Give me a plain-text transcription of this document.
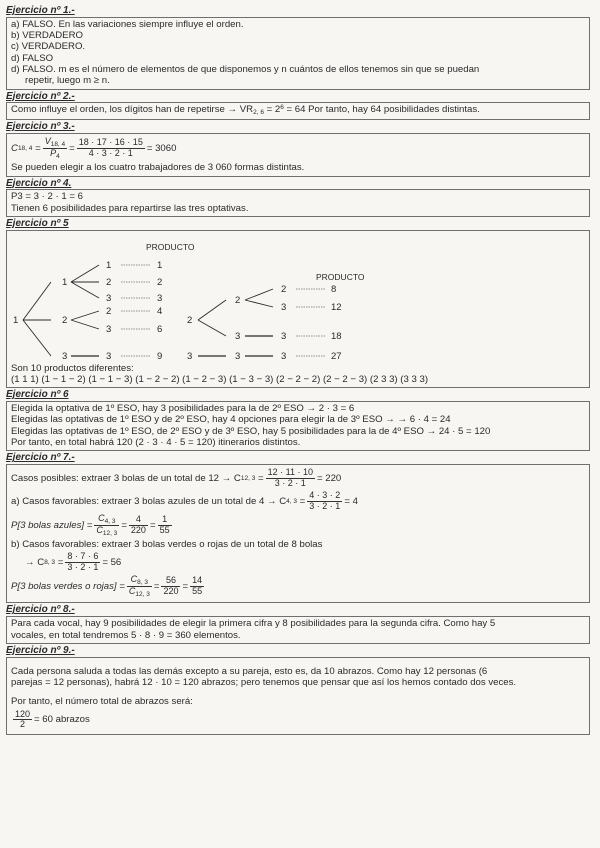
Ejercicio nº 1.-
a) FALSO. En las variaciones siempre influye el orden.
b) VERDADERO
c) VERDADERO.
d) FALSO
d) FALSO. m es el número de elementos de que disponemos y n cuántos de ellos tenemos sin que se puedan
repetir, luego m ≥ n.
Ejercicio nº 2.-
Como influye el orden, los dígitos han de repetirse → $VR_{2, 6} = 2^6 = 64$ Por tanto, hay 64 posibilidades distintas.
Ejercicio nº 3.-
C 18, $4 = \frac{V_{18, 4}}{P_4} = \frac{18 \cdot 17 \cdot 16 \cdot 15}{4 \cdot 3 \cdot 2 \cdot 1} = 3060$
Se pueden elegir a los cuatro trabajadores de 3 060 formas distintas.
Ejercicio nº 4.
P3 = 3 · 2 · 1 = 6
Tienen 6 posibilidades para repartirse las tres optativas.
Ejercicio nº 5
PRODUCTO
PRODUCTO
1
1
2
3
1
2
3
2
3
3
1
2
3
4
6
9
2
2
3
2
3
3
8
12
18
3	3	3	27
Son 10 productos diferentes:
(1 1 1) (1 − 1 − 2) (1 − 1 − 3) (1 − 2 − 2) (1 − 2 − 3) (1 − 3 − 3) (2 − 2 − 2) (2 − 2 − 3) (2 3 3) (3 3 3)
Ejercicio nº 6
Elegida la optativa de 1º ESO, hay 3 posibilidades para la de 2º ESO → 2 · 3 = 6
Elegidas las optativas de 1º ESO y de 2º ESO, hay 4 opciones para elegir la de 3º ESO → → 6 · 4 = 24
Elegidas las optativas de 1º ESO, de 2º ESO y de 3º ESO, hay 5 posibilidades para la de 4º ESO → 24 · 5 = 120
Por tanto, en total habrá 120 (2 · 3 · 4 · 5 = 120) itinerarios distintos.
Ejercicio nº 7.-
Casos posibles: extraer 3 bolas de un total de 12 → C 12, $3 = \frac{12 \cdot 11 \cdot 10}{3 \cdot 2 \cdot 1} = 220$
a) Casos favorables: extraer 3 bolas azules de un total de 4 → C 4, $3 = \frac{4 \cdot 3 \cdot 2}{3 \cdot 2 \cdot 1} = 4$
P[3 bolas azules] = $\frac{C_{4, 3}}{C_{12, 3}} = \frac{4}{220} = \frac{1}{55}$
b) Casos favorables: extraer 3 bolas verdes o rojas de un total de 8 bolas
→ C 8, $3 = \frac{8 \cdot 7 \cdot 6}{3 \cdot 2 \cdot 1} = 56$
P[3 bolas verdes o rojas] = $\frac{C_{8, 3}}{C_{12, 3}} = \frac{56}{220} = \frac{14}{55}$
Ejercicio nº 8.-
Para cada vocal, hay 9 posibilidades de elegir la primera cifra y 8 posibilidades para la segunda cifra. Como hay 5
vocales, en total tendremos 5 · 8 · 9 = 360 elementos.
Ejercicio nº 9.-
Cada persona saluda a todas las demás excepto a su pareja, esto es, da 10 abrazos. Como hay 12 personas (6
parejas = 12 personas), habrá 12 · 10 = 120 abrazos; pero tenemos que pensar que así los hemos contado dos veces.
Por tanto, el número total de abrazos será:
$\frac{120}{2} = 60$ abrazos
